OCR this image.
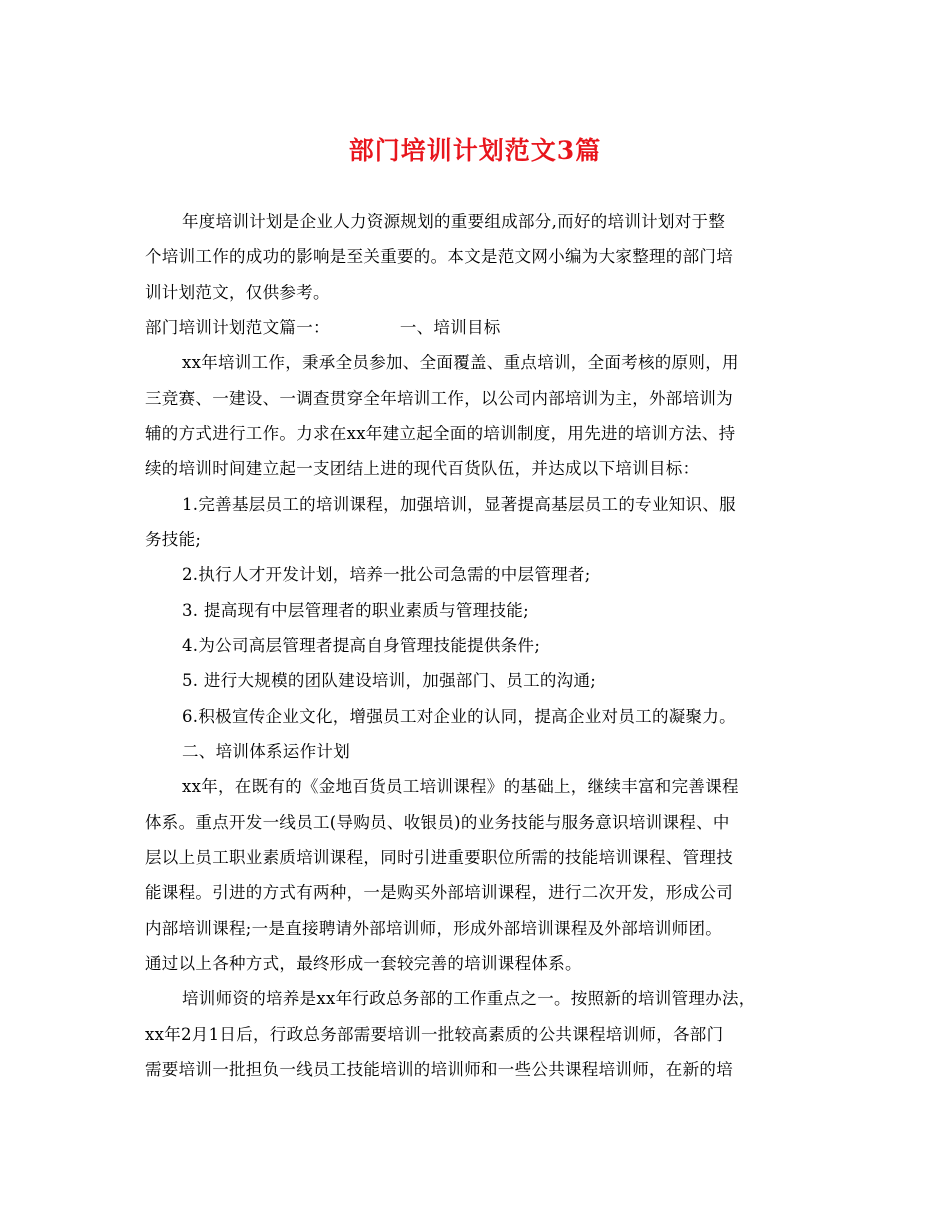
部门培训计划范文3篇
年度培训计划是企业人力资源规划的重要组成部分,而好的培训计划对于整
个培训工作的成功的影响是至关重要的。本文是范文网小编为大家整理的部门培
训计划范文，仅供参考。
部门培训计划范文篇一：	一、培训目标
xx年培训工作，秉承全员参加、全面覆盖、重点培训，全面考核的原则，用
三竞赛、一建设、一调查贯穿全年培训工作，以公司内部培训为主，外部培训为
辅的方式进行工作。力求在xx年建立起全面的培训制度，用先进的培训方法、持
续的培训时间建立起一支团结上进的现代百货队伍，并达成以下培训目标：
1.完善基层员工的培训课程，加强培训，显著提高基层员工的专业知识、服
务技能;
2.执行人才开发计划，培养一批公司急需的中层管理者;
3. 提高现有中层管理者的职业素质与管理技能;
4.为公司高层管理者提高自身管理技能提供条件;
5. 进行大规模的团队建设培训，加强部门、员工的沟通;
6.积极宣传企业文化，增强员工对企业的认同，提高企业对员工的凝聚力。
二、培训体系运作计划
xx年，在既有的《金地百货员工培训课程》的基础上，继续丰富和完善课程
体系。重点开发一线员工(导购员、收银员)的业务技能与服务意识培训课程、中
层以上员工职业素质培训课程，同时引进重要职位所需的技能培训课程、管理技
能课程。引进的方式有两种，一是购买外部培训课程，进行二次开发，形成公司
内部培训课程;一是直接聘请外部培训师，形成外部培训课程及外部培训师团。
通过以上各种方式，最终形成一套较完善的培训课程体系。
培训师资的培养是xx年行政总务部的工作重点之一。按照新的培训管理办法，
xx年2月1日后，行政总务部需要培训一批较高素质的公共课程培训师，各部门
需要培训一批担负一线员工技能培训的培训师和一些公共课程培训师，在新的培
